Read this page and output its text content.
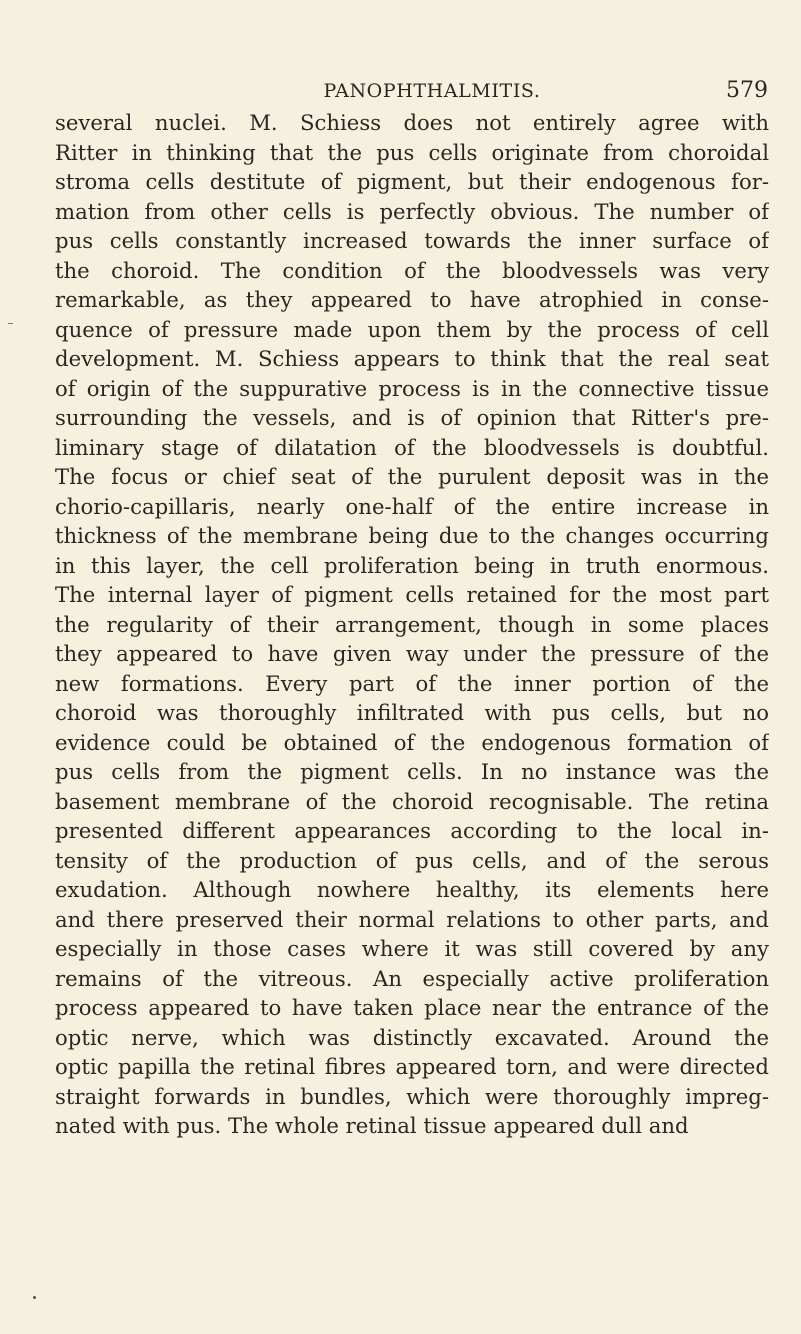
PANOPHTHALMITIS.	579
several nuclei. M. Schiess does not entirely agree with
Ritter in thinking that the pus cells originate from choroidal
stroma cells destitute of pigment, but their endogenous for-
mation from other cells is perfectly obvious. The number of
pus cells constantly increased towards the inner surface of
the choroid. The condition of the bloodvessels was very
remarkable, as they appeared to have atrophied in conse-
quence of pressure made upon them by the process of cell
development. M. Schiess appears to think that the real seat
of origin of the suppurative process is in the connective tissue
surrounding the vessels, and is of opinion that Ritter's pre-
liminary stage of dilatation of the bloodvessels is doubtful.
The focus or chief seat of the purulent deposit was in the
chorio-capillaris, nearly one-half of the entire increase in
thickness of the membrane being due to the changes occurring
in this layer, the cell proliferation being in truth enormous.
The internal layer of pigment cells retained for the most part
the regularity of their arrangement, though in some places
they appeared to have given way under the pressure of the
new formations. Every part of the inner portion of the
choroid was thoroughly infiltrated with pus cells, but no
evidence could be obtained of the endogenous formation of
pus cells from the pigment cells. In no instance was the
basement membrane of the choroid recognisable. The retina
presented different appearances according to the local in-
tensity of the production of pus cells, and of the serous
exudation. Although nowhere healthy, its elements here
and there preserved their normal relations to other parts, and
especially in those cases where it was still covered by any
remains of the vitreous. An especially active proliferation
process appeared to have taken place near the entrance of the
optic nerve, which was distinctly excavated. Around the
optic papilla the retinal fibres appeared torn, and were directed
straight forwards in bundles, which were thoroughly impreg-
nated with pus. The whole retinal tissue appeared dull and
